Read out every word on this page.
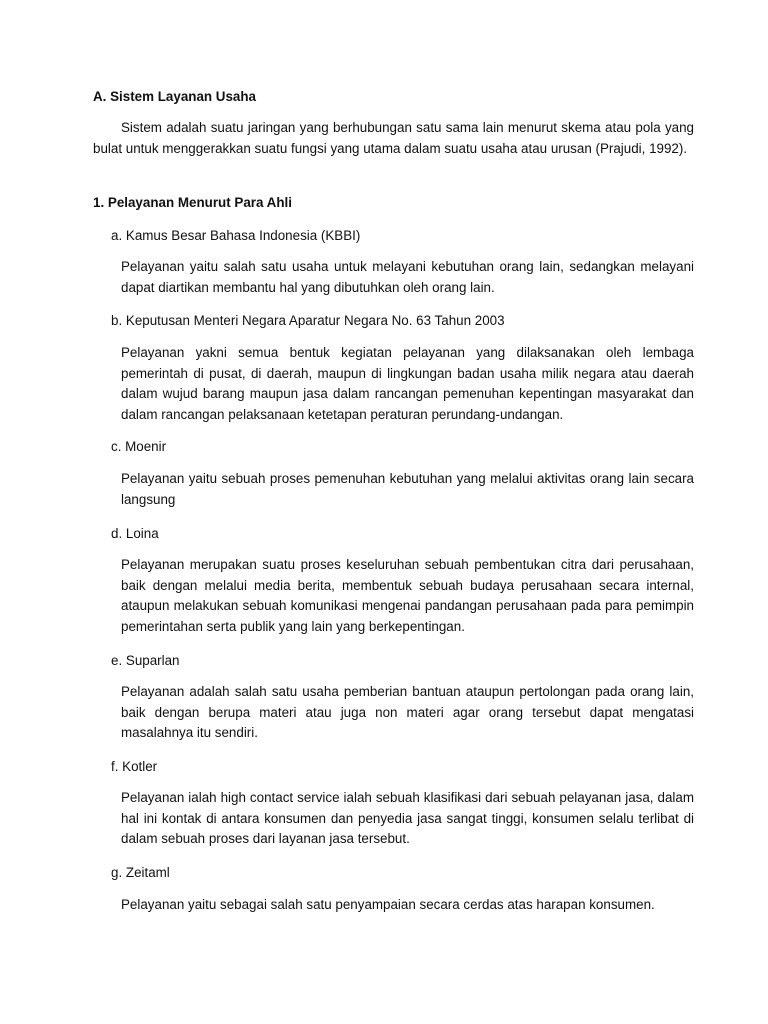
A. Sistem Layanan Usaha

Sistem adalah suatu jaringan yang berhubungan satu sama lain menurut skema atau pola yang bulat untuk menggerakkan suatu fungsi yang utama dalam suatu usaha atau urusan (Prajudi, 1992).

1. Pelayanan Menurut Para Ahli

a. Kamus Besar Bahasa Indonesia (KBBI)

Pelayanan yaitu salah satu usaha untuk melayani kebutuhan orang lain, sedangkan melayani dapat diartikan membantu hal yang dibutuhkan oleh orang lain.

b. Keputusan Menteri Negara Aparatur Negara No. 63 Tahun 2003

Pelayanan yakni semua bentuk kegiatan pelayanan yang dilaksanakan oleh lembaga pemerintah di pusat, di daerah, maupun di lingkungan badan usaha milik negara atau daerah dalam wujud barang maupun jasa dalam rancangan pemenuhan kepentingan masyarakat dan dalam rancangan pelaksanaan ketetapan peraturan perundang-undangan.

c. Moenir

Pelayanan yaitu sebuah proses pemenuhan kebutuhan yang melalui aktivitas orang lain secara langsung

d. Loina

Pelayanan merupakan suatu proses keseluruhan sebuah pembentukan citra dari perusahaan, baik dengan melalui media berita, membentuk sebuah budaya perusahaan secara internal, ataupun melakukan sebuah komunikasi mengenai pandangan perusahaan pada para pemimpin pemerintahan serta publik yang lain yang berkepentingan.

e. Suparlan

Pelayanan adalah salah satu usaha pemberian bantuan ataupun pertolongan pada orang lain, baik dengan berupa materi atau juga non materi agar orang tersebut dapat mengatasi masalahnya itu sendiri.

f. Kotler

Pelayanan ialah high contact service ialah sebuah klasifikasi dari sebuah pelayanan jasa, dalam hal ini kontak di antara konsumen dan penyedia jasa sangat tinggi, konsumen selalu terlibat di dalam sebuah proses dari layanan jasa tersebut.

g. Zeitaml

Pelayanan yaitu sebagai salah satu penyampaian secara cerdas atas harapan konsumen.
